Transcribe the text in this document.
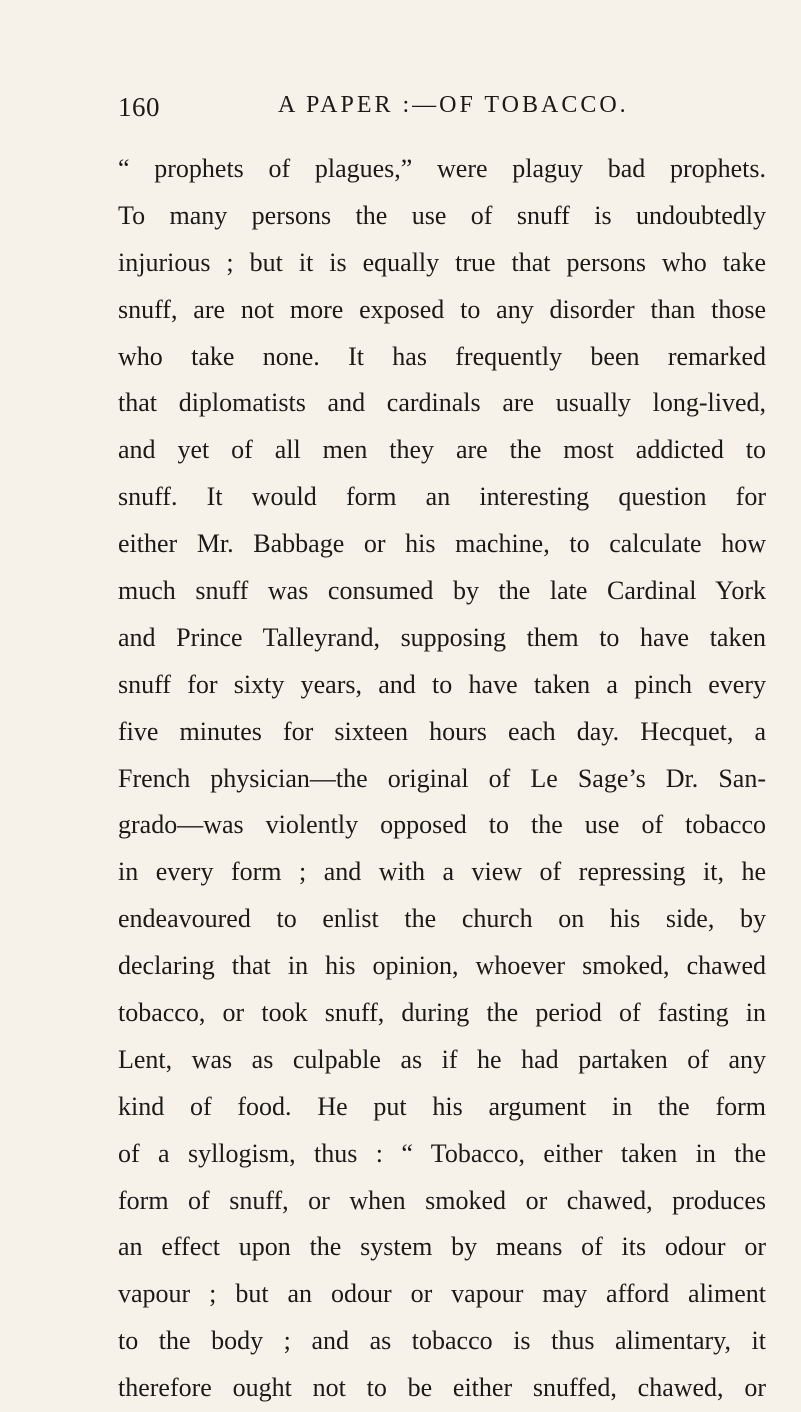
160	A PAPER :—OF TOBACCO.
“ prophets of plagues,” were plaguy bad prophets.
To many persons the use of snuff is undoubtedly
injurious ; but it is equally true that persons who take
snuff, are not more exposed to any disorder than those
who take none. It has frequently been remarked
that diplomatists and cardinals are usually long-lived,
and yet of all men they are the most addicted to
snuff. It would form an interesting question for
either Mr. Babbage or his machine, to calculate how
much snuff was consumed by the late Cardinal York
and Prince Talleyrand, supposing them to have taken
snuff for sixty years, and to have taken a pinch every
five minutes for sixteen hours each day. Hecquet, a
French physician—the original of Le Sage’s Dr. San-
grado—was violently opposed to the use of tobacco
in every form ; and with a view of repressing it, he
endeavoured to enlist the church on his side, by
declaring that in his opinion, whoever smoked, chawed
tobacco, or took snuff, during the period of fasting in
Lent, was as culpable as if he had partaken of any
kind of food. He put his argument in the form
of a syllogism, thus : “ Tobacco, either taken in the
form of snuff, or when smoked or chawed, produces
an effect upon the system by means of its odour or
vapour ; but an odour or vapour may afford aliment
to the body ; and as tobacco is thus alimentary, it
therefore ought not to be either snuffed, chawed, or
